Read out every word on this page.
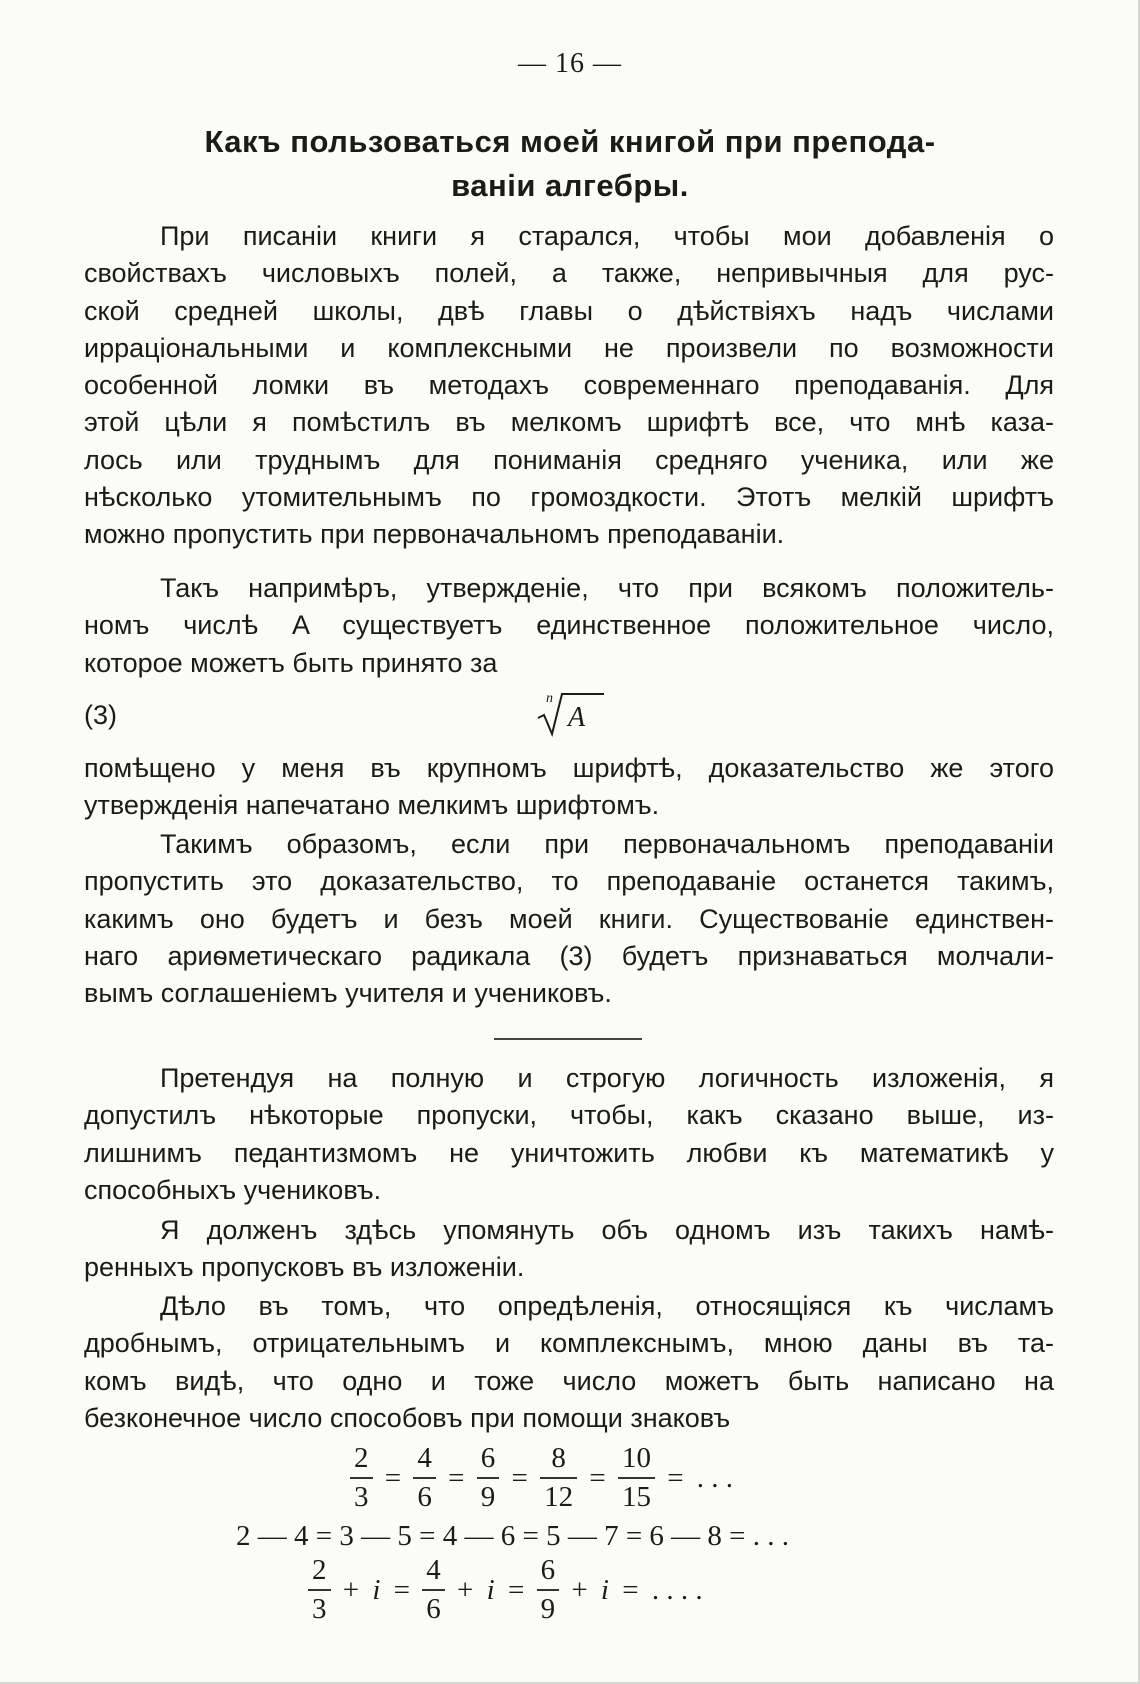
— 16 —
Какъ пользоваться моей книгой при препода-
ваніи алгебры.
При писаніи книги я старался, чтобы мои добавленія о
свойствахъ числовыхъ полей, а также, непривычныя для рус-
ской средней школы, двѣ главы о дѣйствіяхъ надъ числами
ирраціональными и комплексными не произвели по возможности
особенной ломки въ методахъ современнаго преподаванія. Для
этой цѣли я помѣстилъ въ мелкомъ шрифтѣ все, что мнѣ каза-
лось или труднымъ для пониманія средняго ученика, или же
нѣсколько утомительнымъ по громоздкости. Этотъ мелкій шрифтъ
можно пропустить при первоначальномъ преподаваніи.
Такъ напримѣръ, утвержденіе, что при всякомъ положитель-
номъ числѣ A существуетъ единственное положительное число,
которое можетъ быть принято за
(3)
n
A
помѣщено у меня въ крупномъ шрифтѣ, доказательство же этого
утвержденія напечатано мелкимъ шрифтомъ.
Такимъ образомъ, если при первоначальномъ преподаваніи
пропустить это доказательство, то преподаваніе останется такимъ,
какимъ оно будетъ и безъ моей книги. Существованіе единствен-
наго ариѳметическаго радикала (3) будетъ признаваться молчали-
вымъ соглашеніемъ учителя и учениковъ.
Претендуя на полную и строгую логичность изложенія, я
допустилъ нѣкоторые пропуски, чтобы, какъ сказано выше, из-
лишнимъ педантизмомъ не уничтожить любви къ математикѣ у
способныхъ учениковъ.
Я долженъ здѣсь упомянуть объ одномъ изъ такихъ намѣ-
ренныхъ пропусковъ въ изложеніи.
Дѣло въ томъ, что опредѣленія, относящіяся къ числамъ
дробнымъ, отрицательнымъ и комплекснымъ, мною даны въ та-
комъ видѣ, что одно и тоже число можетъ быть написано на
безконечное число способовъ при помощи знаковъ
$\frac{2}{3} = \frac{4}{6} = \frac{6}{9} = \frac{8}{12} = \frac{10}{15}$ = . . .
2 — 4 = 3 — 5 = 4 — 6 = 5 — 7 = 6 — 8 = . . .
$\frac{2}{3} + i = \frac{4}{6} + i = \frac{6}{9} + i$ = . . . .
